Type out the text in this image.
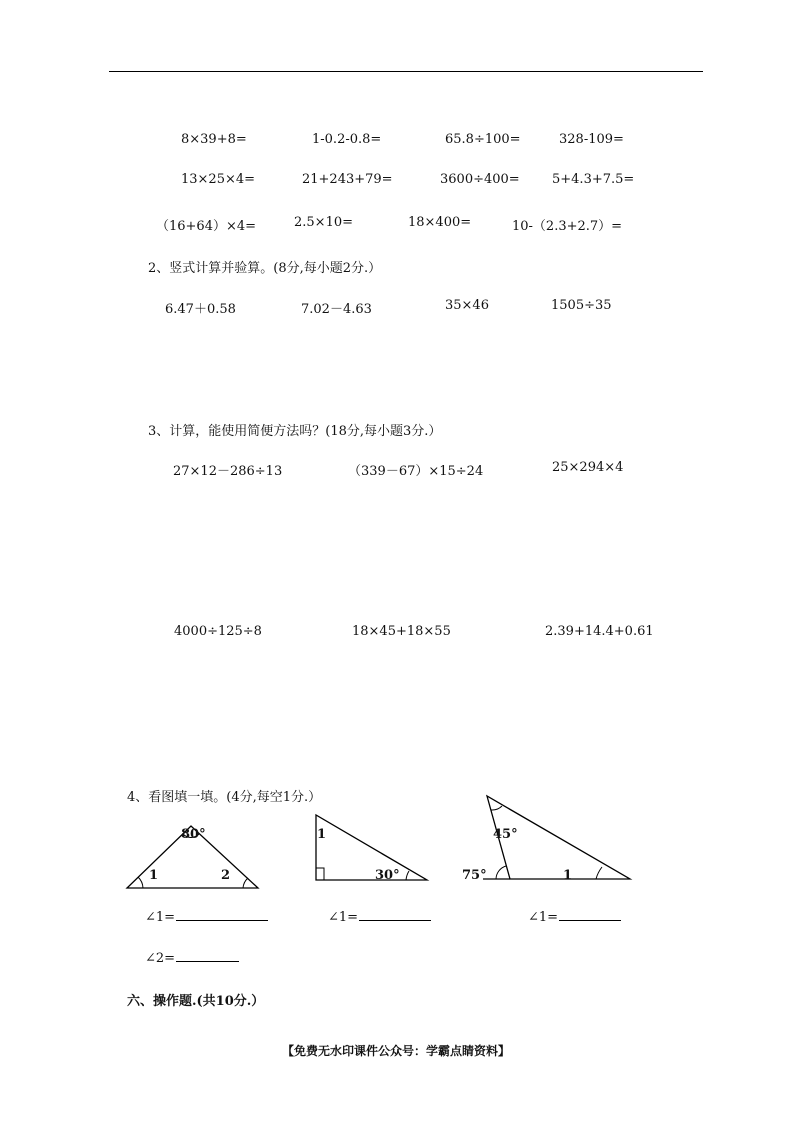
8×39+8=	1-0.2-0.8=	65.8÷100=	328-109=
13×25×4=	21+243+79=	3600÷400= 5+4.3+7.5=
（16+64）×4=	2.5×10=	18×400=	10-（2.3+2.7）=
2、竖式计算并验算。(8分,每小题2分.）
6.47＋0.58	7.02－4.63	35×46	1505÷35
3、计算，能使用简便方法吗？(18分,每小题3分.）
27×12－286÷13	（339－67）×15÷24	25×294×4
4000÷125÷8	18×45+18×55	2.39+14.4+0.61
4、看图填一填。(4分,每空1分.）
80°
1	2
1
30°
45°
75°	1
∠1=	∠1=	∠1=
∠2=
六、操作题.(共10分.）
【免费无水印课件公众号：学霸点睛资料】
